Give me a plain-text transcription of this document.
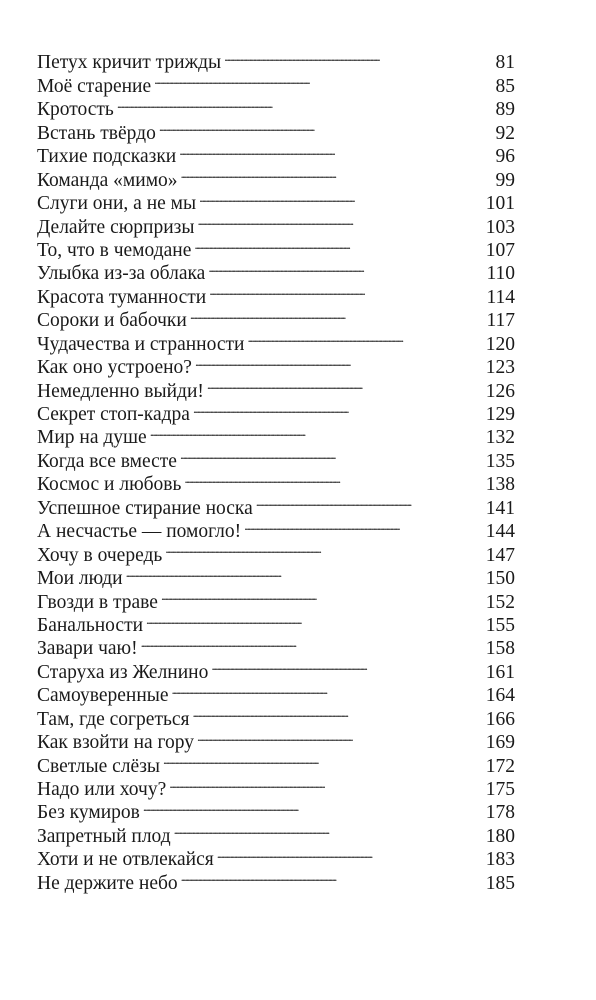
Петух кричит трижды . . .	81
Моё старение . . .	85
Кротость . . .	89
Встань твёрдо . . .	92
Тихие подсказки . . .	96
Команда «мимо» . . .	99
Слуги они, а не мы . . .	101
Делайте сюрпризы . . .	103
То, что в чемодане . . .	107
Улыбка из-за облака . . .	110
Красота туманности . . .	114
Сороки и бабочки . . .	117
Чудачества и странности . . .	120
Как оно устроено? . . .	123
Немедленно выйди! . . .	126
Секрет стоп-кадра . . .	129
Мир на душе . . .	132
Когда все вместе . . .	135
Космос и любовь . . .	138
Успешное стирание носка . . .	141
А несчастье — помогло! . . .	144
Хочу в очередь . . .	147
Мои люди . . .	150
Гвозди в траве . . .	152
Банальности . . .	155
Завари чаю! . . .	158
Старуха из Желнино . . .	161
Самоуверенные . . .	164
Там, где согреться . . .	166
Как взойти на гору . . .	169
Светлые слёзы . . .	172
Надо или хочу? . . .	175
Без кумиров . . .	178
Запретный плод . . .	180
Хоти и не отвлекайся . . .	183
Не держите небо . . .	185
